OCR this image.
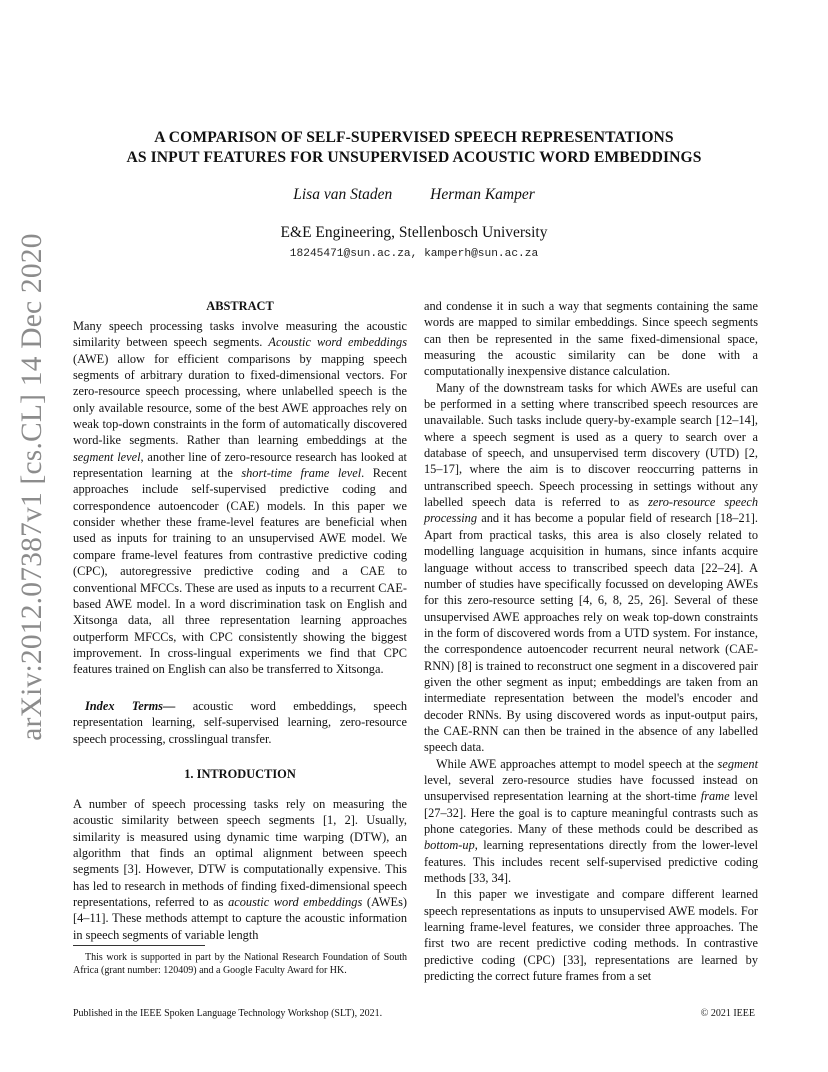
arXiv:2012.07387v1 [cs.CL] 14 Dec 2020
A COMPARISON OF SELF-SUPERVISED SPEECH REPRESENTATIONS
AS INPUT FEATURES FOR UNSUPERVISED ACOUSTIC WORD EMBEDDINGS
Lisa van Staden Herman Kamper
E&E Engineering, Stellenbosch University
18245471@sun.ac.za, kamperh@sun.ac.za
ABSTRACT

Many speech processing tasks involve measuring the acoustic similarity between speech segments. Acoustic word embeddings (AWE) allow for efficient comparisons by mapping speech segments of arbitrary duration to fixed-dimensional vectors. For zero-resource speech processing, where unlabelled speech is the only available resource, some of the best AWE approaches rely on weak top-down constraints in the form of automatically discovered word-like segments. Rather than learning embeddings at the segment level, another line of zero-resource research has looked at representation learning at the short-time frame level. Recent approaches include self-supervised predictive coding and correspondence autoencoder (CAE) models. In this paper we consider whether these frame-level features are beneficial when used as inputs for training to an unsupervised AWE model. We compare frame-level features from contrastive predictive coding (CPC), autoregressive predictive coding and a CAE to conventional MFCCs. These are used as inputs to a recurrent CAE-based AWE model. In a word discrimination task on English and Xitsonga data, all three representation learning approaches outperform MFCCs, with CPC consistently showing the biggest improvement. In cross-lingual experiments we find that CPC features trained on English can also be transferred to Xitsonga.

Index Terms— acoustic word embeddings, speech representation learning, self-supervised learning, zero-resource speech processing, crosslingual transfer.

1. INTRODUCTION

A number of speech processing tasks rely on measuring the acoustic similarity between speech segments [1, 2]. Usually, similarity is measured using dynamic time warping (DTW), an algorithm that finds an optimal alignment between speech segments [3]. However, DTW is computationally expensive. This has led to research in methods of finding fixed-dimensional speech representations, referred to as acoustic word embeddings (AWEs) [4–11]. These methods attempt to capture the acoustic information in speech segments of variable length

This work is supported in part by the National Research Foundation of South Africa (grant number: 120409) and a Google Faculty Award for HK.

and condense it in such a way that segments containing the same words are mapped to similar embeddings. Since speech segments can then be represented in the same fixed-dimensional space, measuring the acoustic similarity can be done with a computationally inexpensive distance calculation.

Many of the downstream tasks for which AWEs are useful can be performed in a setting where transcribed speech resources are unavailable. Such tasks include query-by-example search [12–14], where a speech segment is used as a query to search over a database of speech, and unsupervised term discovery (UTD) [2, 15–17], where the aim is to discover reoccurring patterns in untranscribed speech. Speech processing in settings without any labelled speech data is referred to as zero-resource speech processing and it has become a popular field of research [18–21]. Apart from practical tasks, this area is also closely related to modelling language acquisition in humans, since infants acquire language without access to transcribed speech data [22–24]. A number of studies have specifically focussed on developing AWEs for this zero-resource setting [4, 6, 8, 25, 26]. Several of these unsupervised AWE approaches rely on weak top-down constraints in the form of discovered words from a UTD system. For instance, the correspondence autoencoder recurrent neural network (CAE-RNN) [8] is trained to reconstruct one segment in a discovered pair given the other segment as input; embeddings are taken from an intermediate representation between the model's encoder and decoder RNNs. By using discovered words as input-output pairs, the CAE-RNN can then be trained in the absence of any labelled speech data.

While AWE approaches attempt to model speech at the segment level, several zero-resource studies have focussed instead on unsupervised representation learning at the short-time frame level [27–32]. Here the goal is to capture meaningful contrasts such as phone categories. Many of these methods could be described as bottom-up, learning representations directly from the lower-level features. This includes recent self-supervised predictive coding methods [33, 34].

In this paper we investigate and compare different learned speech representations as inputs to unsupervised AWE models. For learning frame-level features, we consider three approaches. The first two are recent predictive coding methods. In contrastive predictive coding (CPC) [33], representations are learned by predicting the correct future frames from a set

Published in the IEEE Spoken Language Technology Workshop (SLT), 2021.	© 2021 IEEE
